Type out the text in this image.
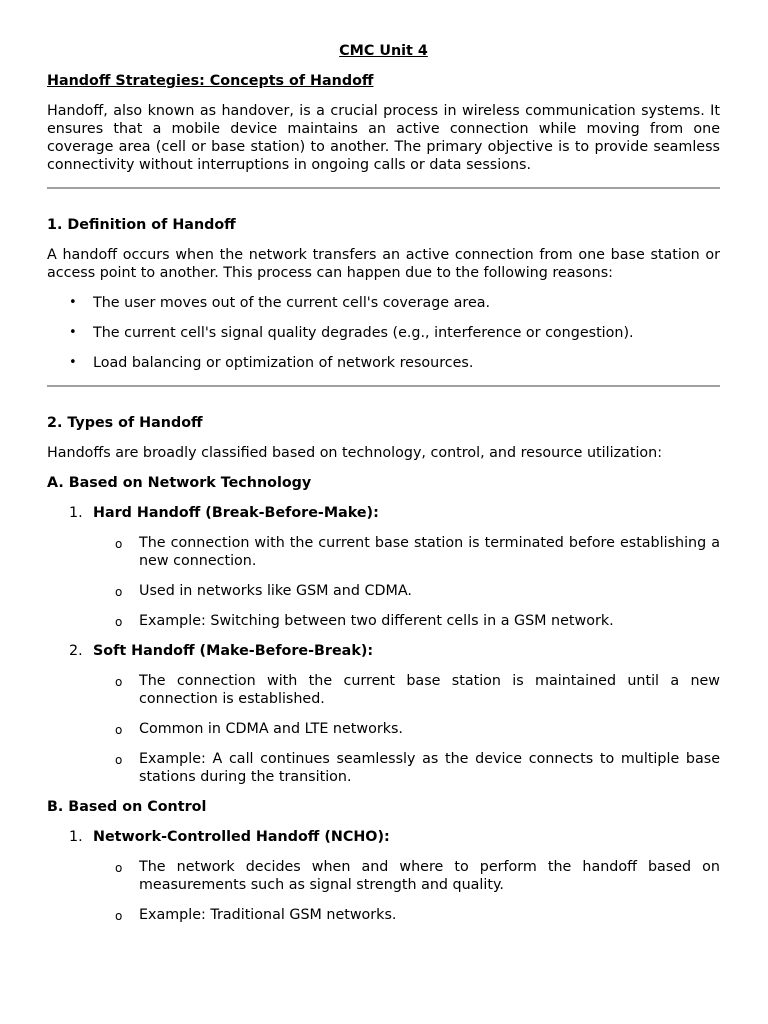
CMC Unit 4

Handoff Strategies: Concepts of Handoff

Handoff, also known as handover, is a crucial process in wireless communication systems. It ensures that a mobile device maintains an active connection while moving from one coverage area (cell or base station) to another. The primary objective is to provide seamless connectivity without interruptions in ongoing calls or data sessions.

1. Definition of Handoff

A handoff occurs when the network transfers an active connection from one base station or access point to another. This process can happen due to the following reasons:

• The user moves out of the current cell's coverage area.
• The current cell's signal quality degrades (e.g., interference or congestion).
• Load balancing or optimization of network resources.

2. Types of Handoff

Handoffs are broadly classified based on technology, control, and resource utilization:

A. Based on Network Technology

1. Hard Handoff (Break-Before-Make):
o The connection with the current base station is terminated before establishing a new connection.
o Used in networks like GSM and CDMA.
o Example: Switching between two different cells in a GSM network.
2. Soft Handoff (Make-Before-Break):
o The connection with the current base station is maintained until a new connection is established.
o Common in CDMA and LTE networks.
o Example: A call continues seamlessly as the device connects to multiple base stations during the transition.

B. Based on Control

1. Network-Controlled Handoff (NCHO):
o The network decides when and where to perform the handoff based on measurements such as signal strength and quality.
o Example: Traditional GSM networks.
